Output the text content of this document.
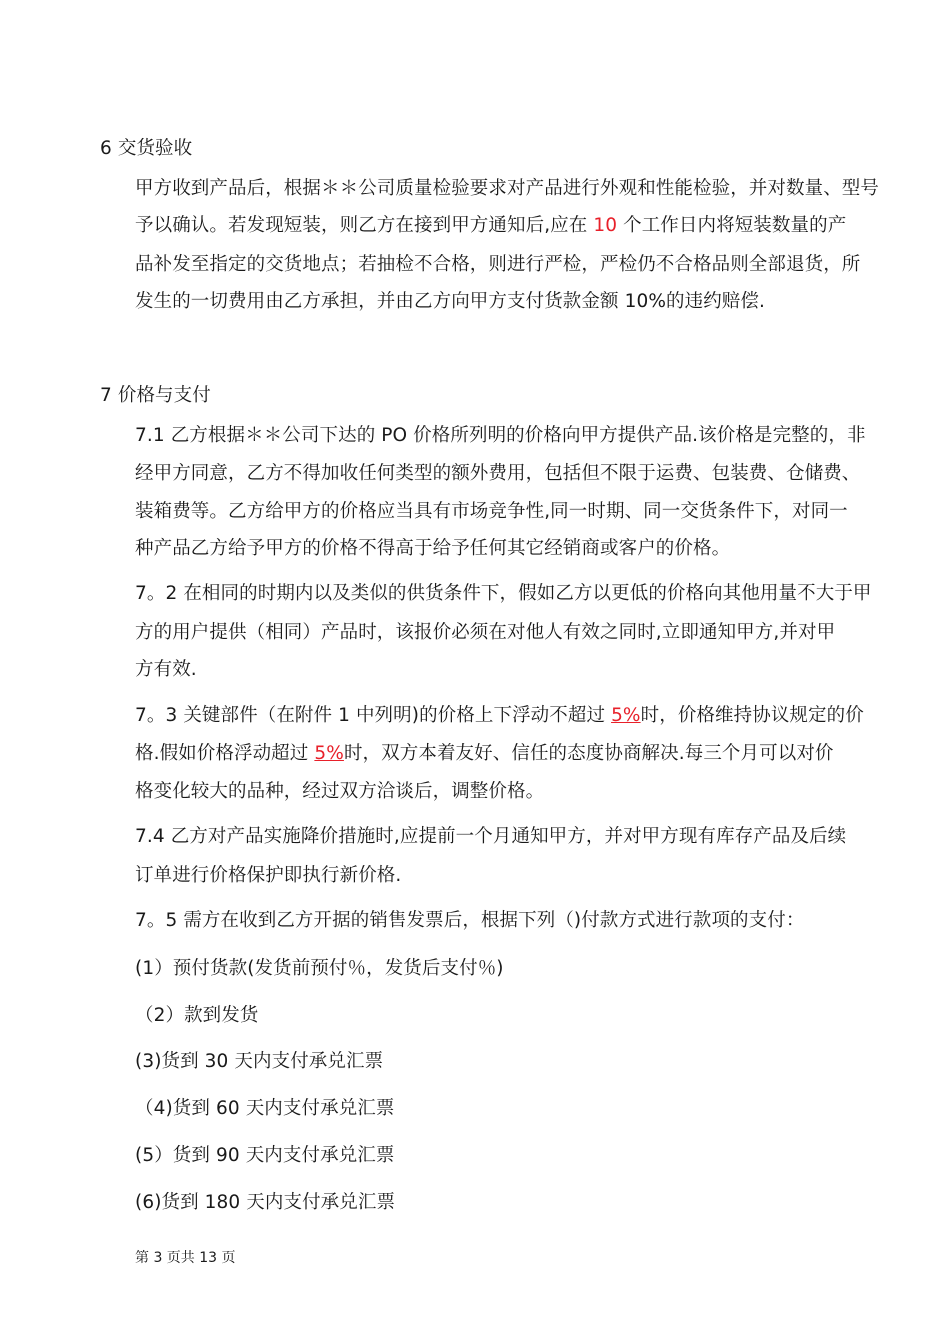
6 交货验收
甲方收到产品后，根据＊＊公司质量检验要求对产品进行外观和性能检验，并对数量、型号
予以确认。若发现短装，则乙方在接到甲方通知后,应在 10 个工作日内将短装数量的产
品补发至指定的交货地点；若抽检不合格，则进行严检，严检仍不合格品则全部退货，所
发生的一切费用由乙方承担，并由乙方向甲方支付货款金额 10%的违约赔偿.
7 价格与支付
7.1 乙方根据＊＊公司下达的 PO 价格所列明的价格向甲方提供产品.该价格是完整的，非
经甲方同意，乙方不得加收任何类型的额外费用，包括但不限于运费、包装费、仓储费、
装箱费等。乙方给甲方的价格应当具有市场竞争性,同一时期、同一交货条件下，对同一
种产品乙方给予甲方的价格不得高于给予任何其它经销商或客户的价格。
7。2 在相同的时期内以及类似的供货条件下，假如乙方以更低的价格向其他用量不大于甲
方的用户提供（相同）产品时，该报价必须在对他人有效之同时,立即通知甲方,并对甲
方有效.
7。3 关键部件（在附件 1 中列明)的价格上下浮动不超过 5%时，价格维持协议规定的价
格.假如价格浮动超过 5%时，双方本着友好、信任的态度协商解决.每三个月可以对价
格变化较大的品种，经过双方洽谈后，调整价格。
7.4 乙方对产品实施降价措施时,应提前一个月通知甲方，并对甲方现有库存产品及后续
订单进行价格保护即执行新价格.
7。5 需方在收到乙方开据的销售发票后，根据下列（)付款方式进行款项的支付：
(1）预付货款(发货前预付％，发货后支付％)
（2）款到发货
(3)货到 30 天内支付承兑汇票
（4)货到 60 天内支付承兑汇票
(5）货到 90 天内支付承兑汇票
(6)货到 180 天内支付承兑汇票
第 3 页共 13 页
